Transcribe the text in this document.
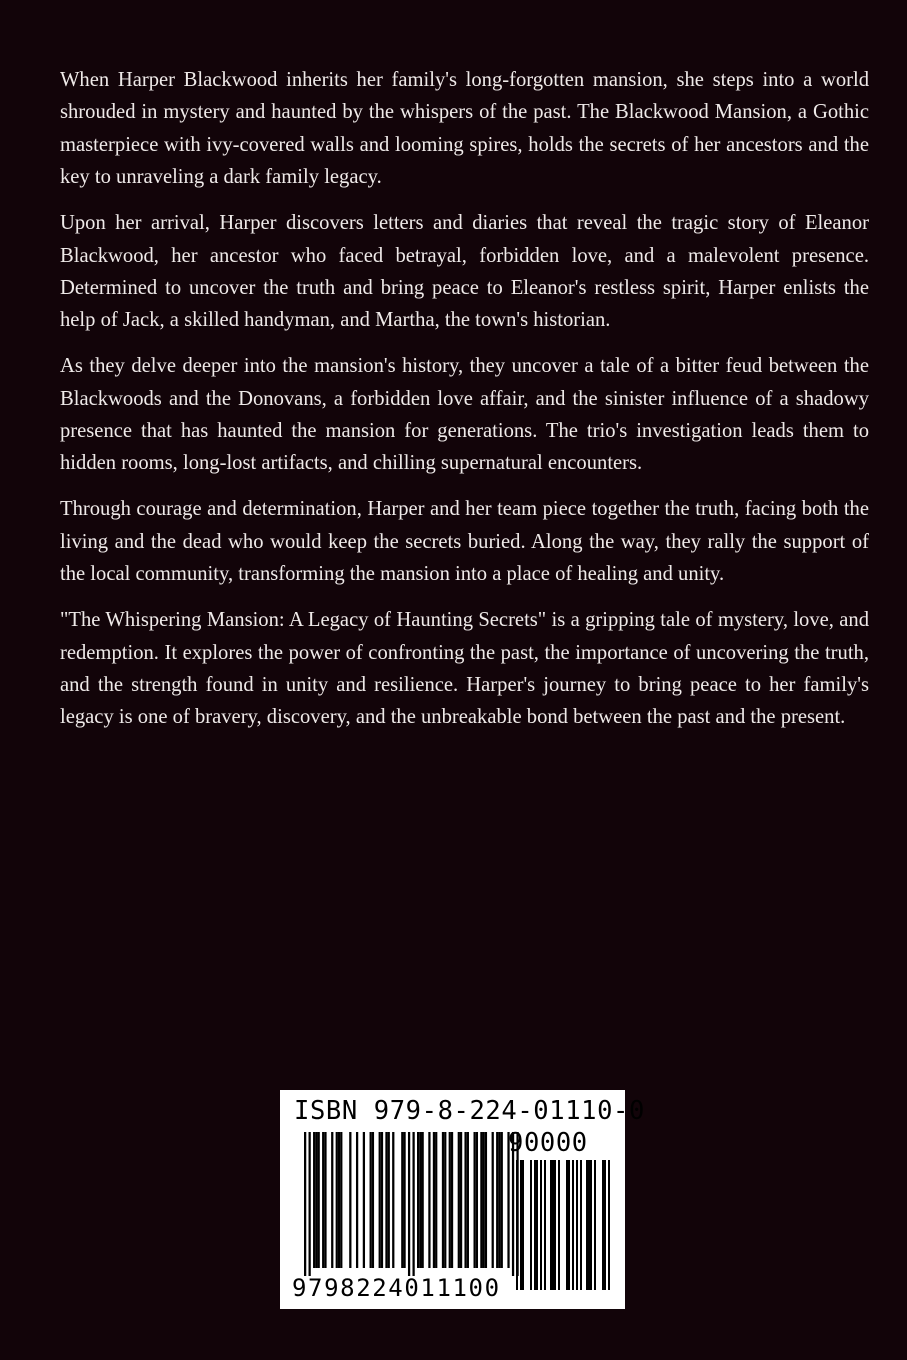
When Harper Blackwood inherits her family's long-forgotten mansion, she steps into a world shrouded in mystery and haunted by the whispers of the past. The Blackwood Mansion, a Gothic masterpiece with ivy-covered walls and looming spires, holds the secrets of her ancestors and the key to unraveling a dark family legacy.

Upon her arrival, Harper discovers letters and diaries that reveal the tragic story of Eleanor Blackwood, her ancestor who faced betrayal, forbidden love, and a malevolent presence. Determined to uncover the truth and bring peace to Eleanor's restless spirit, Harper enlists the help of Jack, a skilled handyman, and Martha, the town's historian.

As they delve deeper into the mansion's history, they uncover a tale of a bitter feud between the Blackwoods and the Donovans, a forbidden love affair, and the sinister influence of a shadowy presence that has haunted the mansion for generations. The trio's investigation leads them to hidden rooms, long-lost artifacts, and chilling supernatural encounters.

Through courage and determination, Harper and her team piece together the truth, facing both the living and the dead who would keep the secrets buried. Along the way, they rally the support of the local community, transforming the mansion into a place of healing and unity.

"The Whispering Mansion: A Legacy of Haunting Secrets" is a gripping tale of mystery, love, and redemption. It explores the power of confronting the past, the importance of uncovering the truth, and the strength found in unity and resilience. Harper's journey to bring peace to her family's legacy is one of bravery, discovery, and the unbreakable bond between the past and the present.

ISBN 979-8-224-01110-0
90000
9798224011100
